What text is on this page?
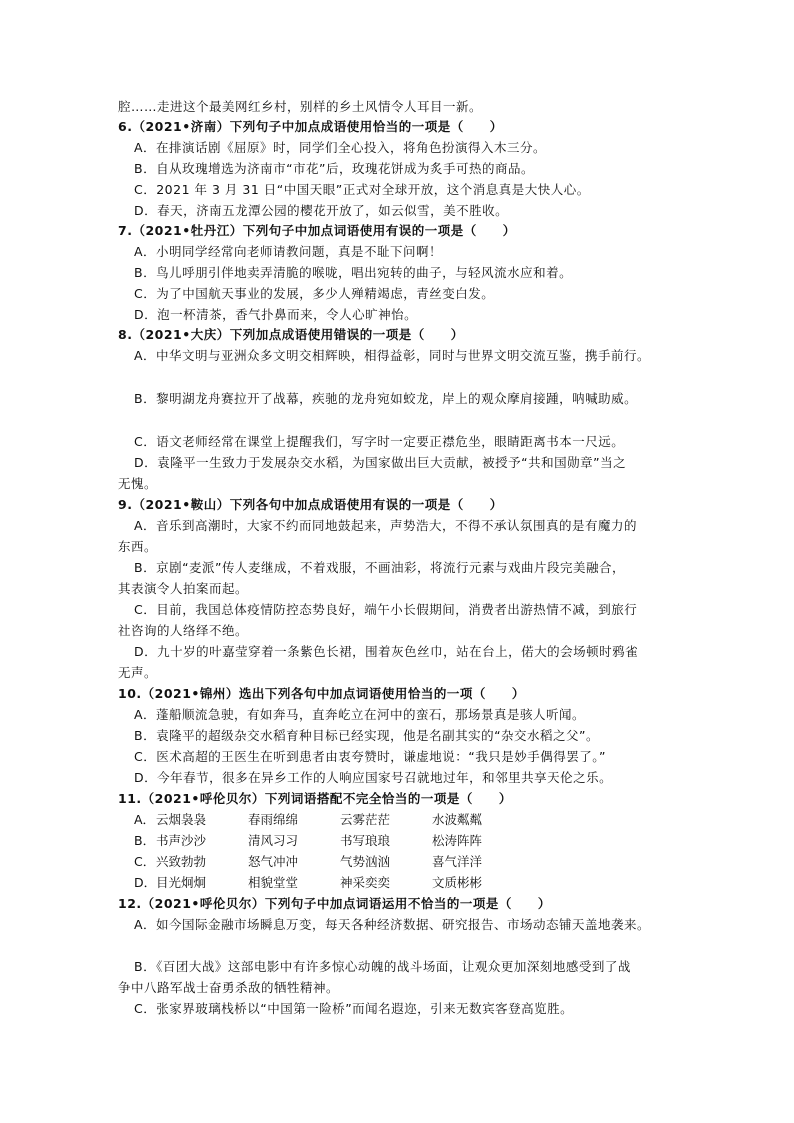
腔……走进这个最美网红乡村，别样的乡土风情令人耳目一新。
6.（2021•济南）下列句子中加点成语使用恰当的一项是（　　）
A．在排演话剧《屈原》时，同学们全心投入，将角色扮演得入木三分。
B．自从玫瑰增选为济南市“市花”后，玫瑰花饼成为炙手可热的商品。
C．2021 年 3 月 31 日“中国天眼”正式对全球开放，这个消息真是大快人心。
D．春天，济南五龙潭公园的樱花开放了，如云似雪，美不胜收。
7.（2021•牡丹江）下列句子中加点词语使用有误的一项是（　　）
A．小明同学经常向老师请教问题，真是不耻下问啊！
B．鸟儿呼朋引伴地卖弄清脆的喉咙，唱出宛转的曲子，与轻风流水应和着。
C．为了中国航天事业的发展，多少人殚精竭虑，青丝变白发。
D．泡一杯清茶，香气扑鼻而来，令人心旷神怡。
8.（2021•大庆）下列加点成语使用错误的一项是（　　）
A．中华文明与亚洲众多文明交相辉映，相得益彰，同时与世界文明交流互鉴，携手前行。
B．黎明湖龙舟赛拉开了战幕，疾驰的龙舟宛如蛟龙，岸上的观众摩肩接踵，呐喊助威。
C．语文老师经常在课堂上提醒我们，写字时一定要正襟危坐，眼睛距离书本一尺远。
D．袁隆平一生致力于发展杂交水稻，为国家做出巨大贡献，被授予“共和国勋章”当之
无愧。
9.（2021•鞍山）下列各句中加点成语使用有误的一项是（　　）
A．音乐到高潮时，大家不约而同地鼓起来，声势浩大，不得不承认氛围真的是有魔力的
东西。
B．京剧“麦派”传人麦继成，不着戏服，不画油彩，将流行元素与戏曲片段完美融合，
其表演令人拍案而起。
C．目前，我国总体疫情防控态势良好，端午小长假期间，消费者出游热情不减，到旅行
社咨询的人络绎不绝。
D．九十岁的叶嘉莹穿着一条紫色长裙，围着灰色丝巾，站在台上，偌大的会场顿时鸦雀
无声。
10.（2021•锦州）选出下列各句中加点词语使用恰当的一项（　　）
A．蓬船顺流急驶，有如奔马，直奔屹立在河中的蛮石，那场景真是骇人听闻。
B．袁隆平的超级杂交水稻育种目标已经实现，他是名副其实的“杂交水稻之父”。
C．医术高超的王医生在听到患者由衷夸赞时，谦虚地说：“我只是妙手偶得罢了。”
D．今年春节，很多在异乡工作的人响应国家号召就地过年，和邻里共享天伦之乐。
11.（2021•呼伦贝尔）下列词语搭配不完全恰当的一项是（　　）
A．云烟袅袅	春雨绵绵	云雾茫茫	水波粼粼
B．书声沙沙	清风习习	书写琅琅	松涛阵阵
C．兴致勃勃	怒气冲冲	气势汹汹	喜气洋洋
D．目光炯炯	相貌堂堂	神采奕奕	文质彬彬
12.（2021•呼伦贝尔）下列句子中加点词语运用不恰当的一项是（　　）
A．如今国际金融市场瞬息万变，每天各种经济数据、研究报告、市场动态铺天盖地袭来。
B．《百团大战》这部电影中有许多惊心动魄的战斗场面，让观众更加深刻地感受到了战
争中八路军战士奋勇杀敌的牺牲精神。
C．张家界玻璃栈桥以“中国第一险桥”而闻名遐迩，引来无数宾客登高览胜。
